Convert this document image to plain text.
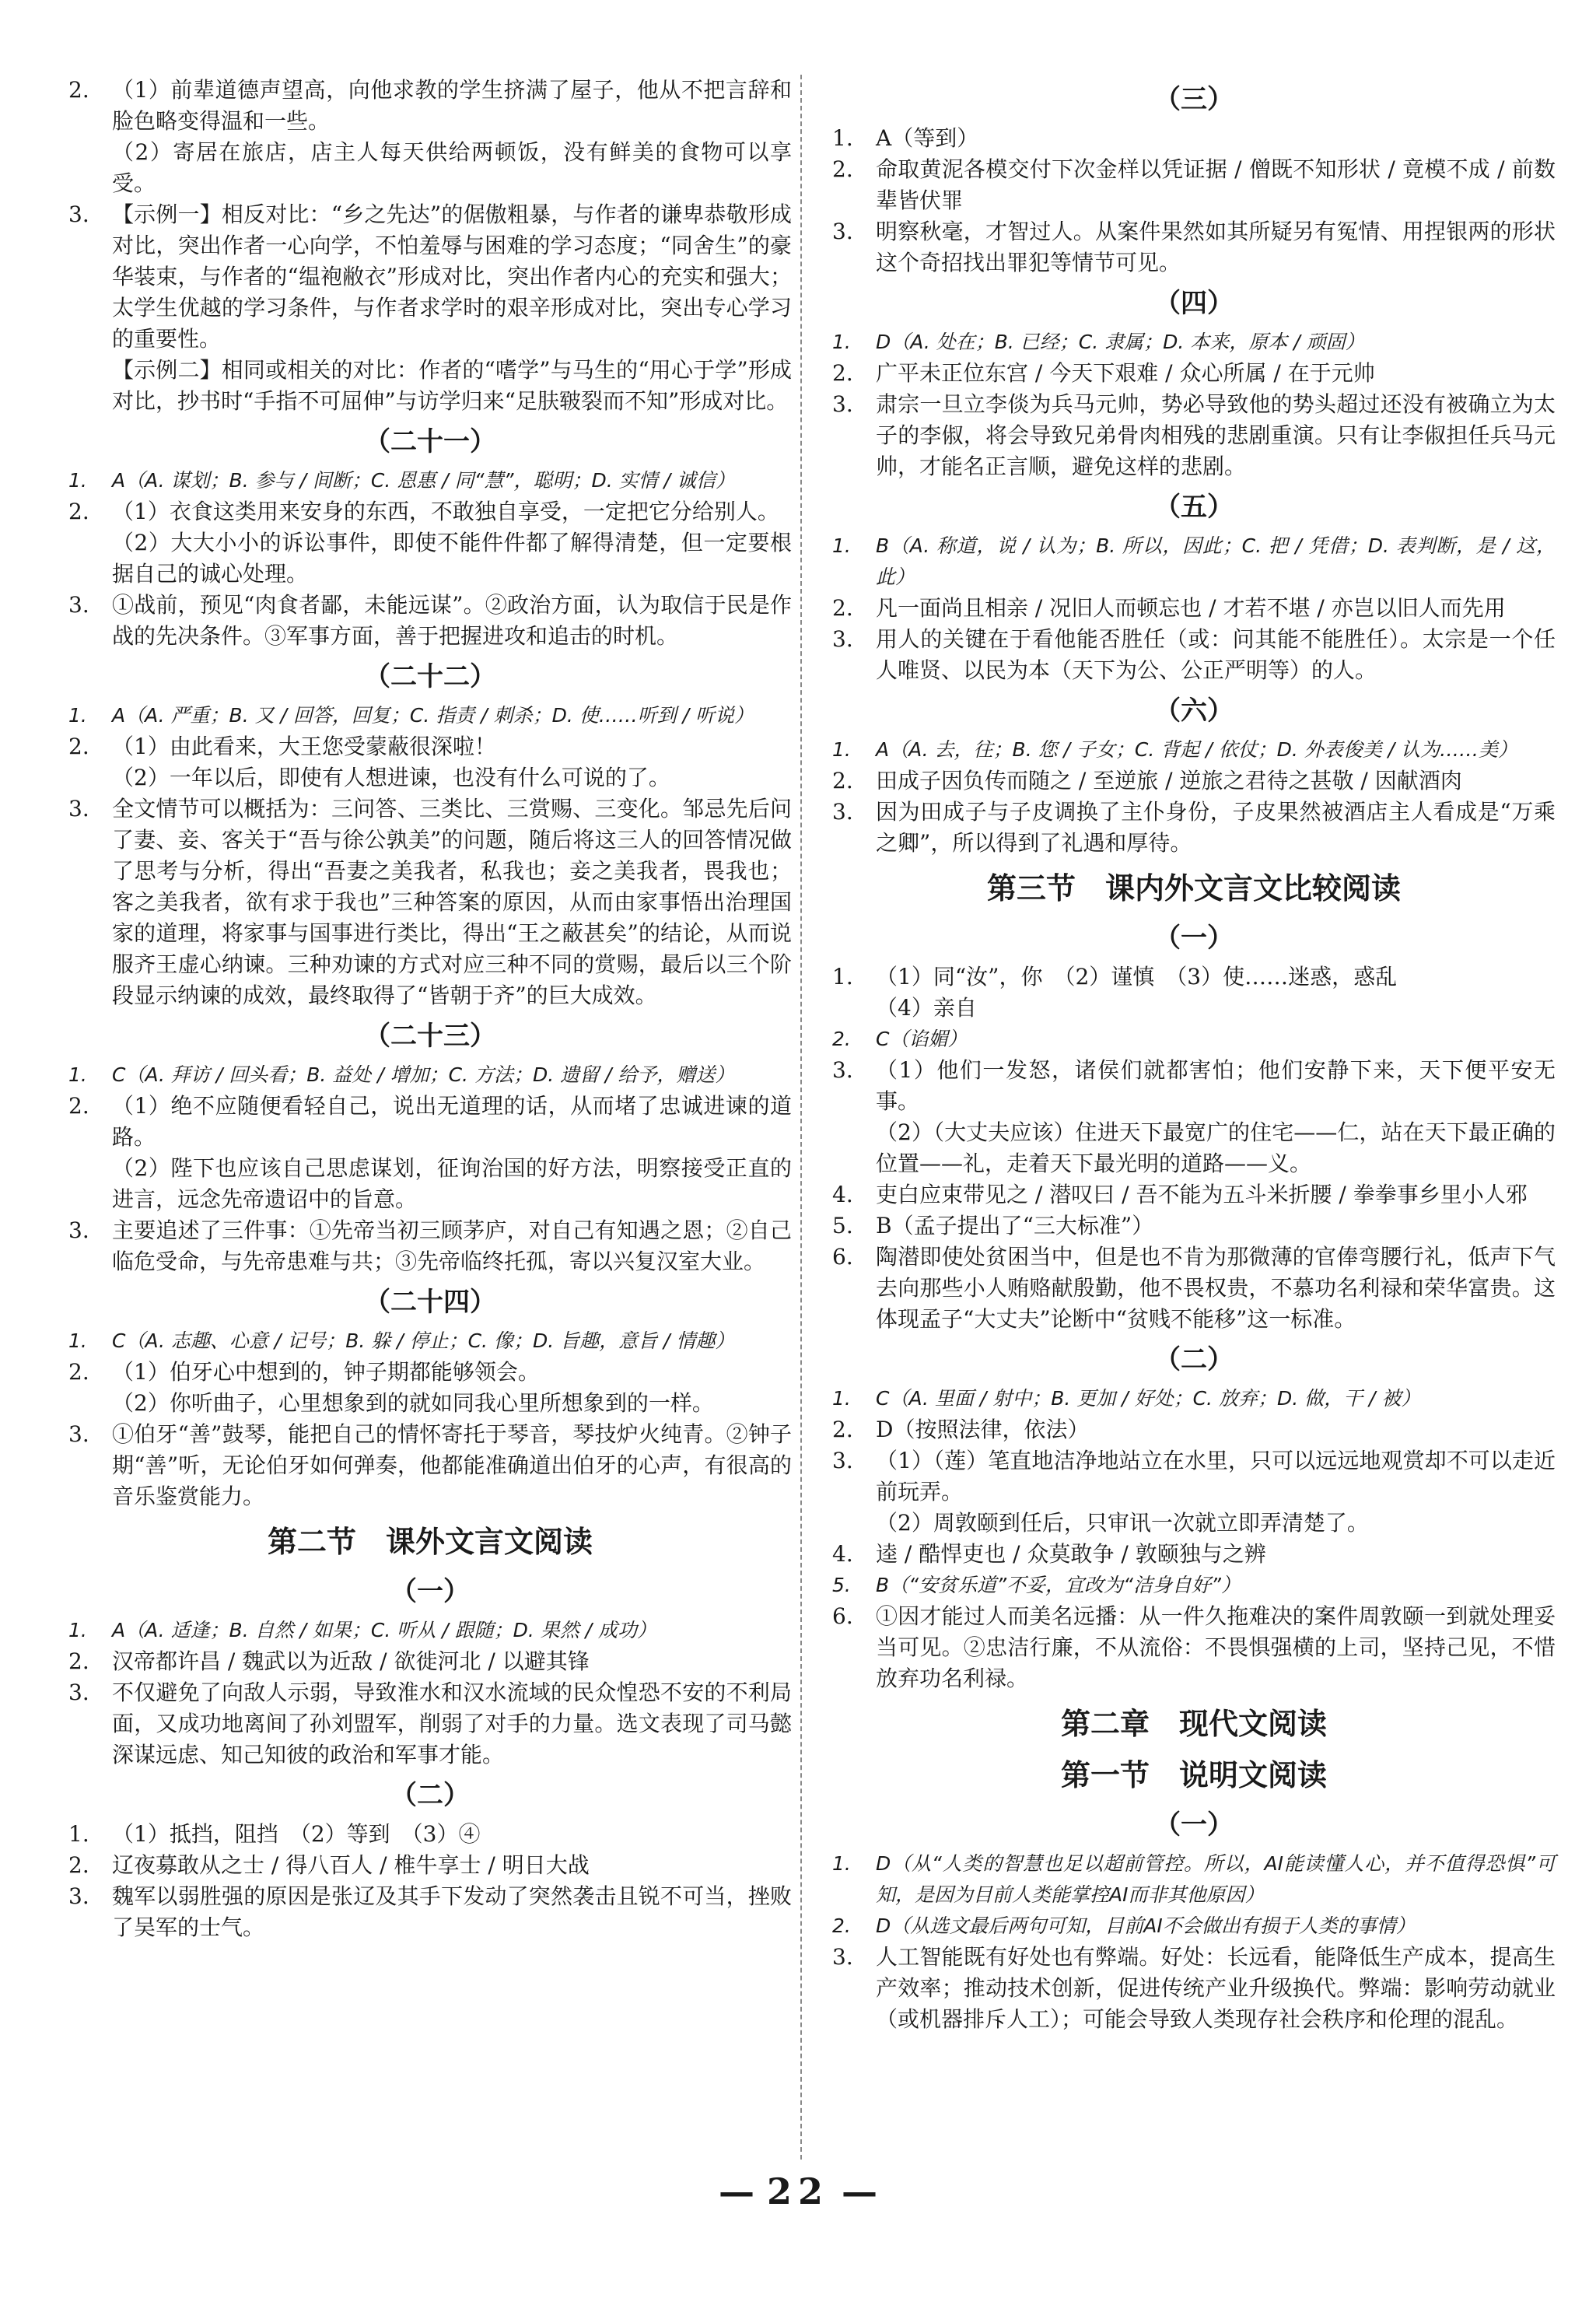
2. （1）前辈道德声望高，向他求教的学生挤满了屋子，他从不把言辞和脸色略变得温和一些。

（2）寄居在旅店，店主人每天供给两顿饭，没有鲜美的食物可以享受。

3. 【示例一】相反对比：“乡之先达”的倨傲粗暴，与作者的谦卑恭敬形成对比，突出作者一心向学，不怕羞辱与困难的学习态度；“同舍生”的豪华装束，与作者的“缊袍敝衣”形成对比，突出作者内心的充实和强大；太学生优越的学习条件，与作者求学时的艰辛形成对比，突出专心学习的重要性。

【示例二】相同或相关的对比：作者的“嗜学”与马生的“用心于学”形成对比，抄书时“手指不可屈伸”与访学归来“足肤皲裂而不知”形成对比。

（二十一）
1. A（A. 谋划；B. 参与 / 间断；C. 恩惠 / 同“慧”，聪明；D. 实情 / 诚信）

2. （1）衣食这类用来安身的东西，不敢独自享受，一定把它分给别人。

（2）大大小小的诉讼事件，即使不能件件都了解得清楚，但一定要根据自己的诚心处理。

3. ①战前，预见“肉食者鄙，未能远谋”。②政治方面，认为取信于民是作战的先决条件。③军事方面，善于把握进攻和追击的时机。

（二十二）
1. A（A. 严重；B. 又 / 回答，回复；C. 指责 / 刺杀；D. 使……听到 / 听说）

2. （1）由此看来，大王您受蒙蔽很深啦！

（2）一年以后，即使有人想进谏，也没有什么可说的了。

3. 全文情节可以概括为：三问答、三类比、三赏赐、三变化。邹忌先后问了妻、妾、客关于“吾与徐公孰美”的问题，随后将这三人的回答情况做了思考与分析，得出“吾妻之美我者，私我也；妾之美我者，畏我也；客之美我者，欲有求于我也”三种答案的原因，从而由家事悟出治理国家的道理，将家事与国事进行类比，得出“王之蔽甚矣”的结论，从而说服齐王虚心纳谏。三种劝谏的方式对应三种不同的赏赐，最后以三个阶段显示纳谏的成效，最终取得了“皆朝于齐”的巨大成效。

（二十三）
1. C（A. 拜访 / 回头看；B. 益处 / 增加；C. 方法；D. 遗留 / 给予，赠送）

2. （1）绝不应随便看轻自己，说出无道理的话，从而堵了忠诚进谏的道路。

（2）陛下也应该自己思虑谋划，征询治国的好方法，明察接受正直的进言，远念先帝遗诏中的旨意。

3. 主要追述了三件事：①先帝当初三顾茅庐，对自己有知遇之恩；②自己临危受命，与先帝患难与共；③先帝临终托孤，寄以兴复汉室大业。

（二十四）
1. C（A. 志趣、心意 / 记号；B. 躲 / 停止；C. 像；D. 旨趣，意旨 / 情趣）

2. （1）伯牙心中想到的，钟子期都能够领会。

（2）你听曲子，心里想象到的就如同我心里所想象到的一样。

3. ①伯牙“善”鼓琴，能把自己的情怀寄托于琴音，琴技炉火纯青。②钟子期“善”听，无论伯牙如何弹奏，他都能准确道出伯牙的心声，有很高的音乐鉴赏能力。

第二节　课外文言文阅读
（一）
1. A（A. 适逢；B. 自然 / 如果；C. 听从 / 跟随；D. 果然 / 成功）

2. 汉帝都许昌 / 魏武以为近敌 / 欲徙河北 / 以避其锋

3. 不仅避免了向敌人示弱，导致淮水和汉水流域的民众惶恐不安的不利局面，又成功地离间了孙刘盟军，削弱了对手的力量。选文表现了司马懿深谋远虑、知己知彼的政治和军事才能。

（二）
1. （1）抵挡，阻挡　（2）等到　（3）④

2. 辽夜募敢从之士 / 得八百人 / 椎牛享士 / 明日大战

3. 魏军以弱胜强的原因是张辽及其手下发动了突然袭击且锐不可当，挫败了吴军的士气。

（三）
1. A（等到）

2. 命取黄泥各模交付下次金样以凭证据 / 僧既不知形状 / 竟模不成 / 前数辈皆伏罪

3. 明察秋毫，才智过人。从案件果然如其所疑另有冤情、用捏银两的形状这个奇招找出罪犯等情节可见。

（四）
1. D（A. 处在；B. 已经；C. 隶属；D. 本来，原本 / 顽固）

2. 广平未正位东宫 / 今天下艰难 / 众心所属 / 在于元帅

3. 肃宗一旦立李倓为兵马元帅，势必导致他的势头超过还没有被确立为太子的李俶，将会导致兄弟骨肉相残的悲剧重演。只有让李俶担任兵马元帅，才能名正言顺，避免这样的悲剧。

（五）
1. B（A. 称道，说 / 认为；B. 所以，因此；C. 把 / 凭借；D. 表判断，是 / 这，此）

2. 凡一面尚且相亲 / 况旧人而顿忘也 / 才若不堪 / 亦岂以旧人而先用

3. 用人的关键在于看他能否胜任（或：问其能不能胜任）。太宗是一个任人唯贤、以民为本（天下为公、公正严明等）的人。

（六）
1. A（A. 去，往；B. 您 / 子女；C. 背起 / 依仗；D. 外表俊美 / 认为……美）

2. 田成子因负传而随之 / 至逆旅 / 逆旅之君待之甚敬 / 因献酒肉

3. 因为田成子与子皮调换了主仆身份，子皮果然被酒店主人看成是“万乘之卿”，所以得到了礼遇和厚待。

第三节　课内外文言文比较阅读
（一）
1. （1）同“汝”，你　（2）谨慎　（3）使……迷惑，惑乱

（4）亲自

2. C（谄媚）

3. （1）他们一发怒，诸侯们就都害怕；他们安静下来，天下便平安无事。

（2）（大丈夫应该）住进天下最宽广的住宅——仁，站在天下最正确的位置——礼，走着天下最光明的道路——义。

4. 吏白应束带见之 / 潜叹曰 / 吾不能为五斗米折腰 / 拳拳事乡里小人邪

5. B（孟子提出了“三大标准”）

6. 陶潜即使处贫困当中，但是也不肯为那微薄的官俸弯腰行礼，低声下气去向那些小人贿赂献殷勤，他不畏权贵，不慕功名利禄和荣华富贵。这体现孟子“大丈夫”论断中“贫贱不能移”这一标准。

（二）
1. C（A. 里面 / 射中；B. 更加 / 好处；C. 放弃；D. 做，干 / 被）

2. D（按照法律，依法）

3. （1）（莲）笔直地洁净地站立在水里，只可以远远地观赏却不可以走近前玩弄。

（2）周敦颐到任后，只审讯一次就立即弄清楚了。

4. 逵 / 酷悍吏也 / 众莫敢争 / 敦颐独与之辨

5. B（“安贫乐道”不妥，宜改为“洁身自好”）

6. ①因才能过人而美名远播：从一件久拖难决的案件周敦颐一到就处理妥当可见。②忠洁行廉，不从流俗：不畏惧强横的上司，坚持己见，不惜放弃功名利禄。

第二章　现代文阅读
第一节　说明文阅读
（一）
1. D（从“人类的智慧也足以超前管控。所以，AI能读懂人心，并不值得恐惧”可知，是因为目前人类能掌控AI而非其他原因）

2. D（从选文最后两句可知，目前AI不会做出有损于人类的事情）

3. 人工智能既有好处也有弊端。好处：长远看，能降低生产成本，提高生产效率；推动技术创新，促进传统产业升级换代。弊端：影响劳动就业（或机器排斥人工）；可能会导致人类现存社会秩序和伦理的混乱。

— 22 —
